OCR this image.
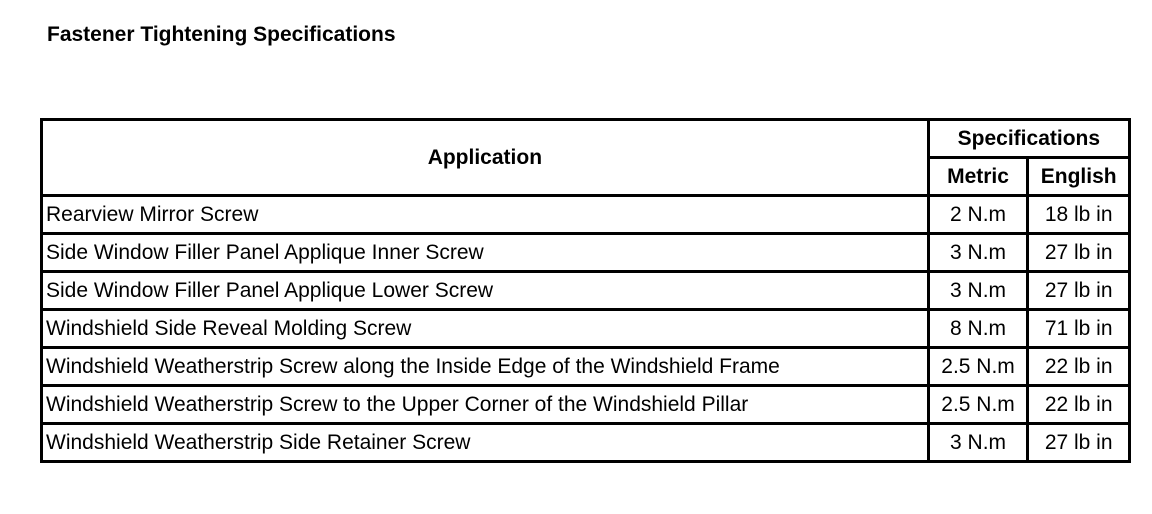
Fastener Tightening Specifications
Application	Specifications	
	Metric	English
Rearview Mirror Screw	2 N.m	18 lb in
Side Window Filler Panel Applique Inner Screw	3 N.m	27 lb in
Side Window Filler Panel Applique Lower Screw	3 N.m	27 lb in
Windshield Side Reveal Molding Screw	8 N.m	71 lb in
Windshield Weatherstrip Screw along the Inside Edge of the Windshield Frame	2.5 N.m	22 lb in
Windshield Weatherstrip Screw to the Upper Corner of the Windshield Pillar	2.5 N.m	22 lb in
Windshield Weatherstrip Side Retainer Screw	3 N.m	27 lb in
